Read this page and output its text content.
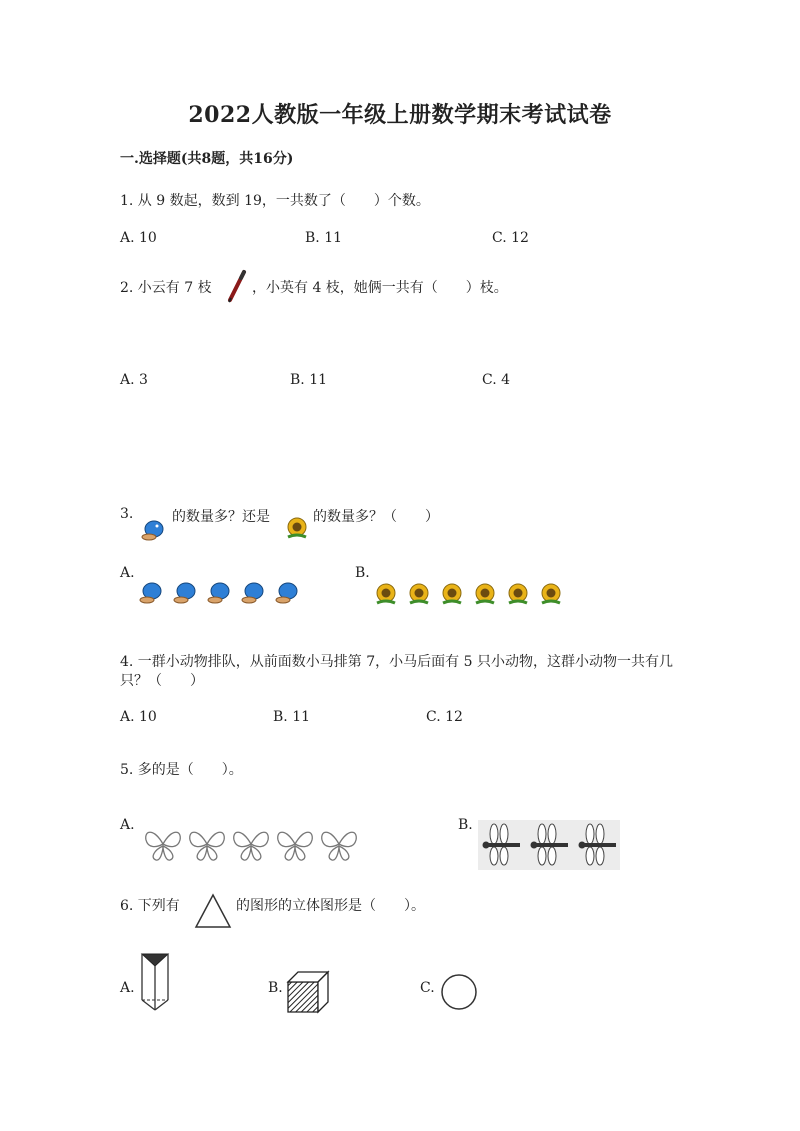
2022人教版一年级上册数学期末考试试卷
一.选择题(共8题，共16分)
1. 从 9 数起，数到 19，一共数了（　　）个数。
A. 10	B. 11	C. 12
2. 小云有 7 枝	，小英有 4 枝，她俩一共有（　　）枝。
A. 3	B. 11	C. 4
3.	的数量多？还是	的数量多？（　　）
A.	B.
4. 一群小动物排队，从前面数小马排第 7，小马后面有 5 只小动物，这群小动物一共有几
只？（　　）
A. 10	B. 11	C. 12
5. 多的是（　　）。
A.	B.
6. 下列有	的图形的立体图形是（　　）。
A.	B.	C.
